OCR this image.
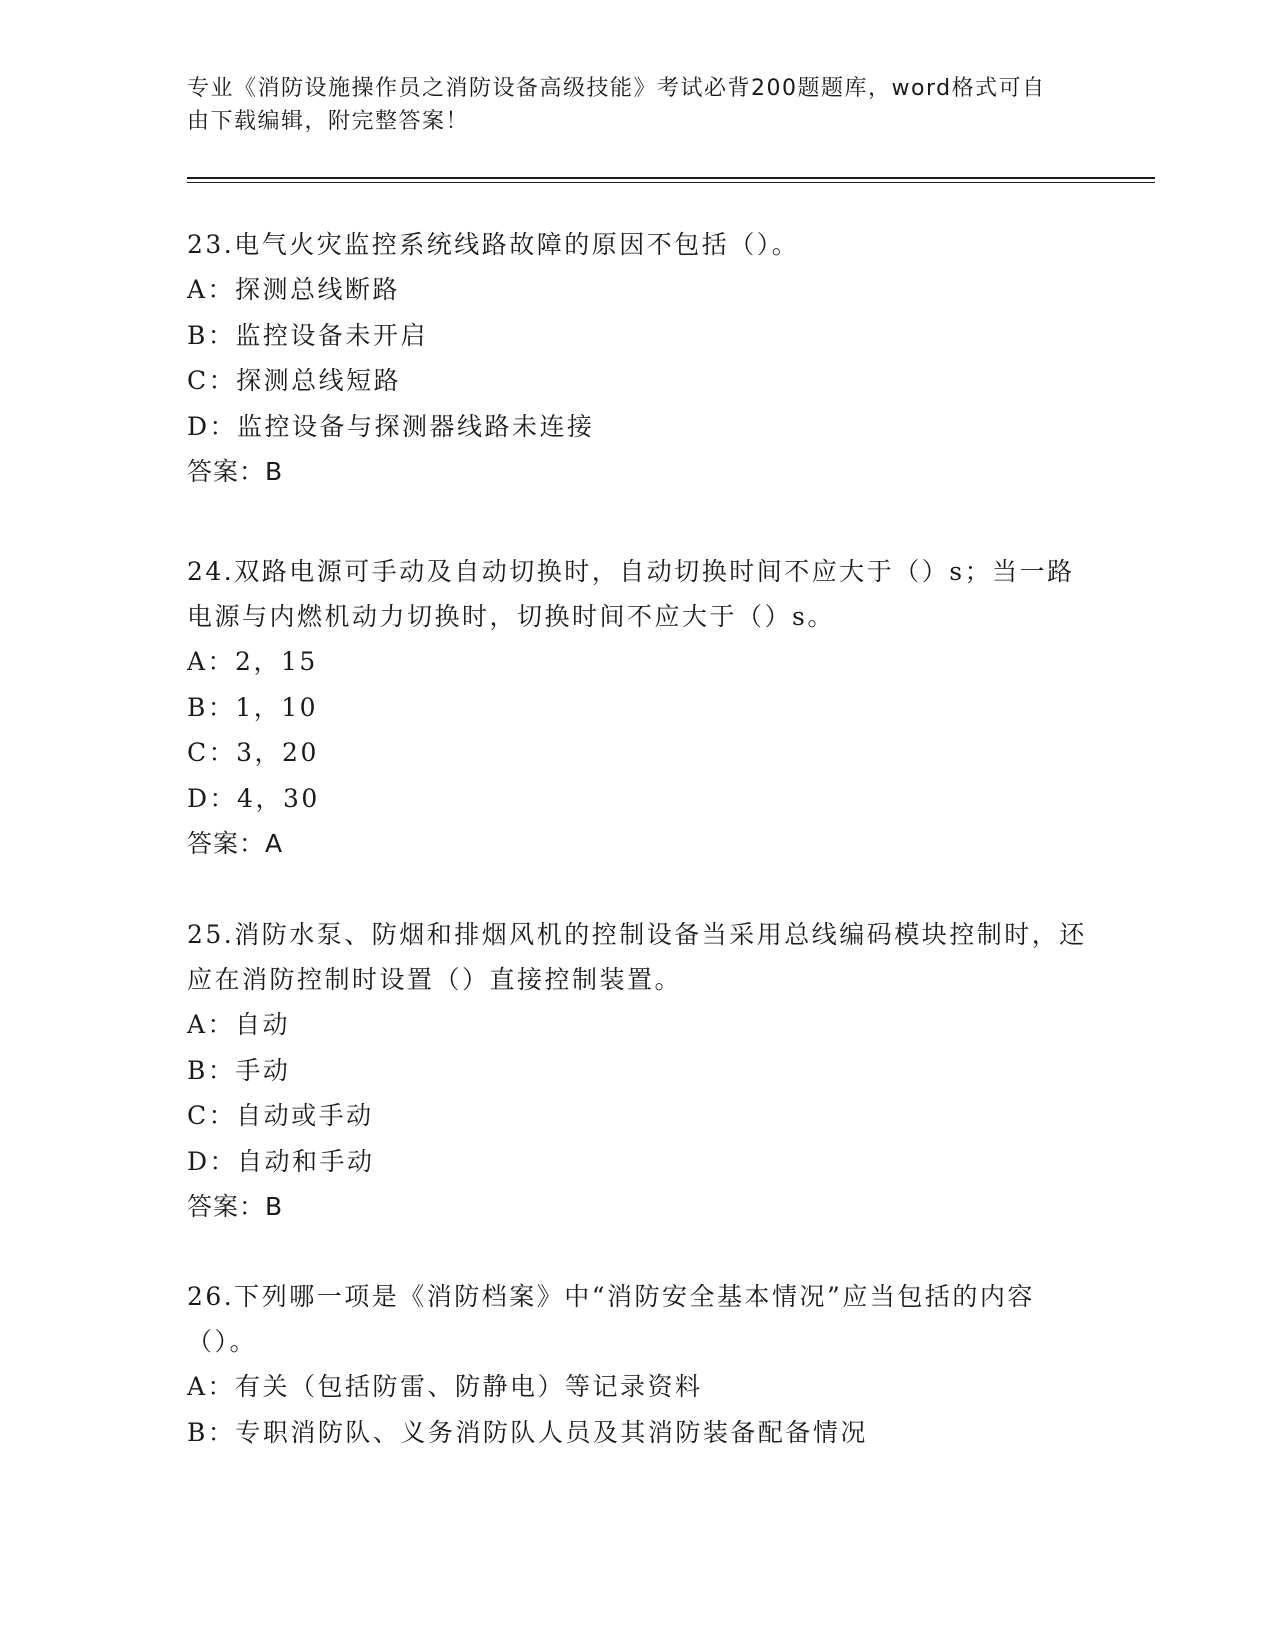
专业《消防设施操作员之消防设备高级技能》考试必背200题题库，word格式可自由下载编辑，附完整答案！

23.电气火灾监控系统线路故障的原因不包括（）。

A：探测总线断路

B：监控设备未开启

C：探测总线短路

D：监控设备与探测器线路未连接

答案：B

24.双路电源可手动及自动切换时，自动切换时间不应大于（）s；当一路电源与内燃机动力切换时，切换时间不应大于（）s。

A：2，15

B：1，10

C：3，20

D：4，30

答案：A

25.消防水泵、防烟和排烟风机的控制设备当采用总线编码模块控制时，还应在消防控制时设置（）直接控制装置。

A：自动

B：手动

C：自动或手动

D：自动和手动

答案：B

26.下列哪一项是《消防档案》中“消防安全基本情况”应当包括的内容（）。

A：有关（包括防雷、防静电）等记录资料

B：专职消防队、义务消防队人员及其消防装备配备情况
